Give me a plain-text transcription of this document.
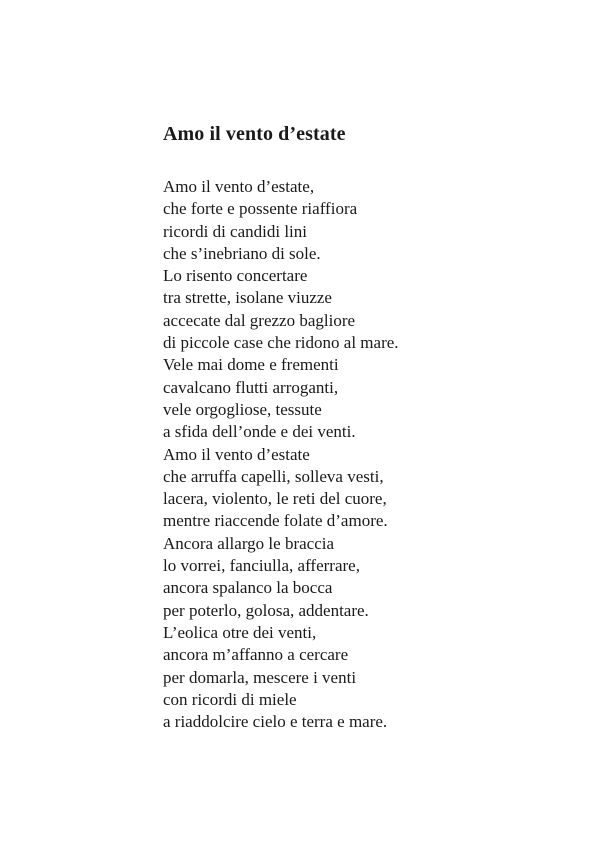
Amo il vento d’estate
Amo il vento d’estate,
che forte e possente riaffiora
ricordi di candidi lini
che s’inebriano di sole.
Lo risento concertare
tra strette, isolane viuzze
accecate dal grezzo bagliore
di piccole case che ridono al mare.
Vele mai dome e frementi
cavalcano flutti arroganti,
vele orgogliose, tessute
a sfida dell’onde e dei venti.
Amo il vento d’estate
che arruffa capelli, solleva vesti,
lacera, violento, le reti del cuore,
mentre riaccende folate d’amore.
Ancora allargo le braccia
lo vorrei, fanciulla, afferrare,
ancora spalanco la bocca
per poterlo, golosa, addentare.
L’eolica otre dei venti,
ancora m’affanno a cercare
per domarla, mescere i venti
con ricordi di miele
a riaddolcire cielo e terra e mare.
